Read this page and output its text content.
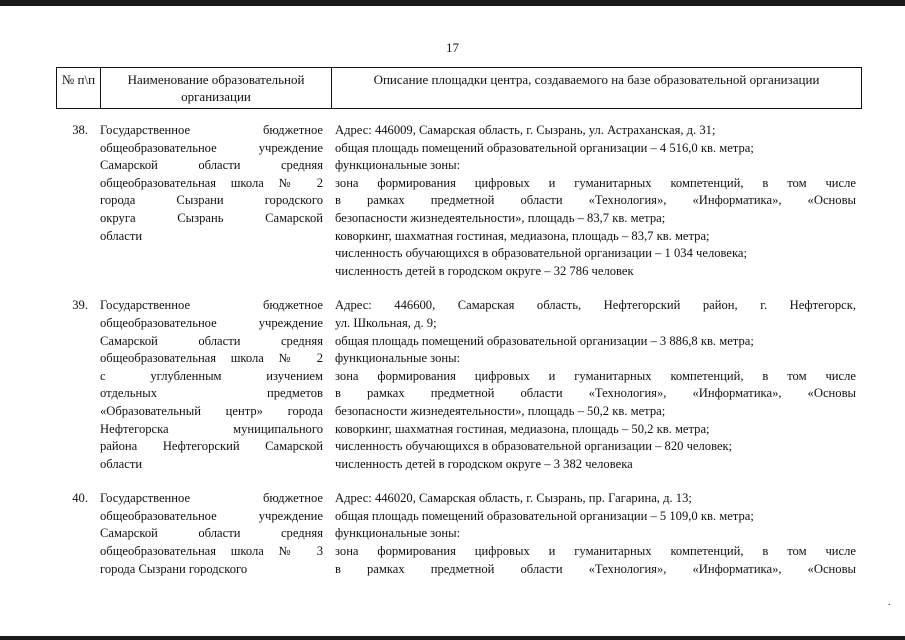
17
№ п\п	Наименование образовательной организации
Описание площадки центра, создаваемого на базе образовательной организации
38. Государственное бюджетное
общеобразовательное учреждение
Самарской области средняя
общеобразовательная школа № 2
города Сызрани городского
округа Сызрань Самарской
области
Адрес: 446009, Самарская область, г. Сызрань, ул. Астраханская, д. 31;
общая площадь помещений образовательной организации – 4 516,0 кв. метра;
функциональные зоны:
зона формирования цифровых и гуманитарных компетенций, в том числе
в рамках предметной области «Технология», «Информатика», «Основы
безопасности жизнедеятельности», площадь – 83,7 кв. метра;
коворкинг, шахматная гостиная, медиазона, площадь – 83,7 кв. метра;
численность обучающихся в образовательной организации – 1 034 человека;
численность детей в городском округе – 32 786 человек
39. Государственное бюджетное
общеобразовательное учреждение
Самарской области средняя
общеобразовательная школа № 2
с углубленным изучением
отдельных предметов
«Образовательный центр» города
Нефтегорска муниципального
района Нефтегорский Самарской
области
Адрес: 446600, Самарская область, Нефтегорский район, г. Нефтегорск,
ул. Школьная, д. 9;
общая площадь помещений образовательной организации – 3 886,8 кв. метра;
функциональные зоны:
зона формирования цифровых и гуманитарных компетенций, в том числе
в рамках предметной области «Технология», «Информатика», «Основы
безопасности жизнедеятельности», площадь – 50,2 кв. метра;
коворкинг, шахматная гостиная, медиазона, площадь – 50,2 кв. метра;
численность обучающихся в образовательной организации – 820 человек;
численность детей в городском округе – 3 382 человека
40. Государственное бюджетное
общеобразовательное учреждение
Самарской области средняя
общеобразовательная школа № 3
города Сызрани городского
Адрес: 446020, Самарская область, г. Сызрань, пр. Гагарина, д. 13;
общая площадь помещений образовательной организации – 5 109,0 кв. метра;
функциональные зоны:
зона формирования цифровых и гуманитарных компетенций, в том числе
в рамках предметной области «Технология», «Информатика», «Основы
·
